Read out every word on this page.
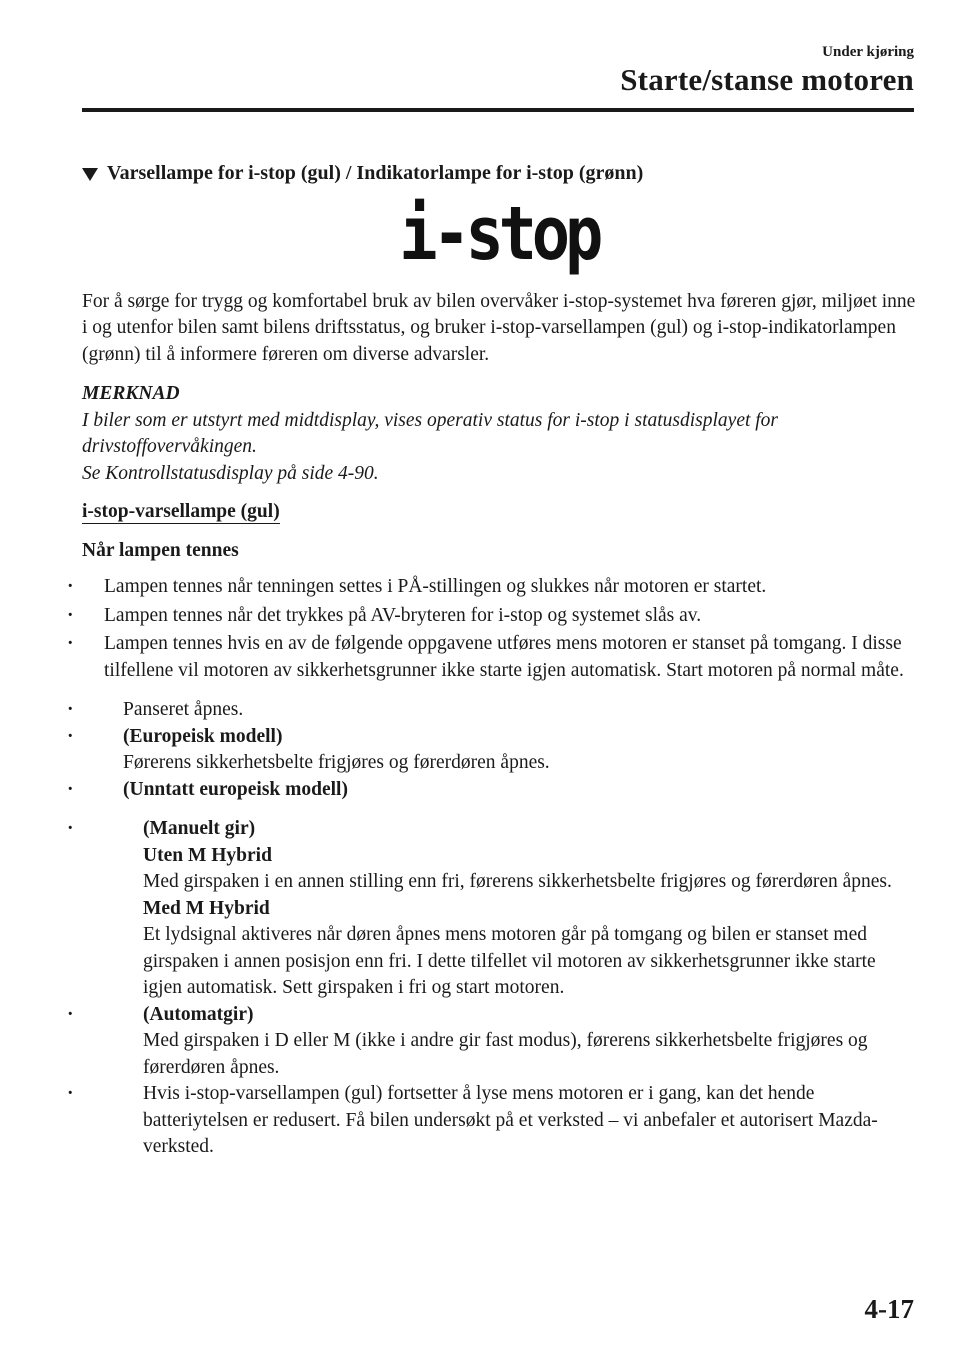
Under kjøring
Starte/stanse motoren
Varsellampe for i-stop (gul) / Indikatorlampe for i-stop (grønn)
i-stop

For å sørge for trygg og komfortabel bruk av bilen overvåker i-stop-systemet hva føreren gjør, miljøet inne i og utenfor bilen samt bilens driftsstatus, og bruker i-stop-varsellampen (gul) og i-stop-indikatorlampen (grønn) til å informere føreren om diverse advarsler.

MERKNAD

I biler som er utstyrt med midtdisplay, vises operativ status for i-stop i statusdisplayet for drivstoffovervåkingen.

Se Kontrollstatusdisplay på side 4-90.

i-stop-varsellampe (gul)

Når lampen tennes

· Lampen tennes når tenningen settes i PÅ-stillingen og slukkes når motoren er startet.
· Lampen tennes når det trykkes på AV-bryteren for i-stop og systemet slås av.
· Lampen tennes hvis en av de følgende oppgavene utføres mens motoren er stanset på tomgang. I disse tilfellene vil motoren av sikkerhetsgrunner ikke starte igjen automatisk. Start motoren på normal måte.
· Panseret åpnes.
· (Europeisk modell)
Førerens sikkerhetsbelte frigjøres og førerdøren åpnes.
· (Unntatt europeisk modell)
· (Manuelt gir)
Uten M Hybrid
Med girspaken i en annen stilling enn fri, førerens sikkerhetsbelte frigjøres og førerdøren åpnes.
Med M Hybrid
Et lydsignal aktiveres når døren åpnes mens motoren går på tomgang og bilen er stanset med girspaken i annen posisjon enn fri. I dette tilfellet vil motoren av sikkerhetsgrunner ikke starte igjen automatisk. Sett girspaken i fri og start motoren.
· (Automatgir)
Med girspaken i D eller M (ikke i andre gir fast modus), førerens sikkerhetsbelte frigjøres og førerdøren åpnes.
· Hvis i-stop-varsellampen (gul) fortsetter å lyse mens motoren er i gang, kan det hende batteriytelsen er redusert. Få bilen undersøkt på et verksted – vi anbefaler et autorisert Mazda-verksted.
4-17
